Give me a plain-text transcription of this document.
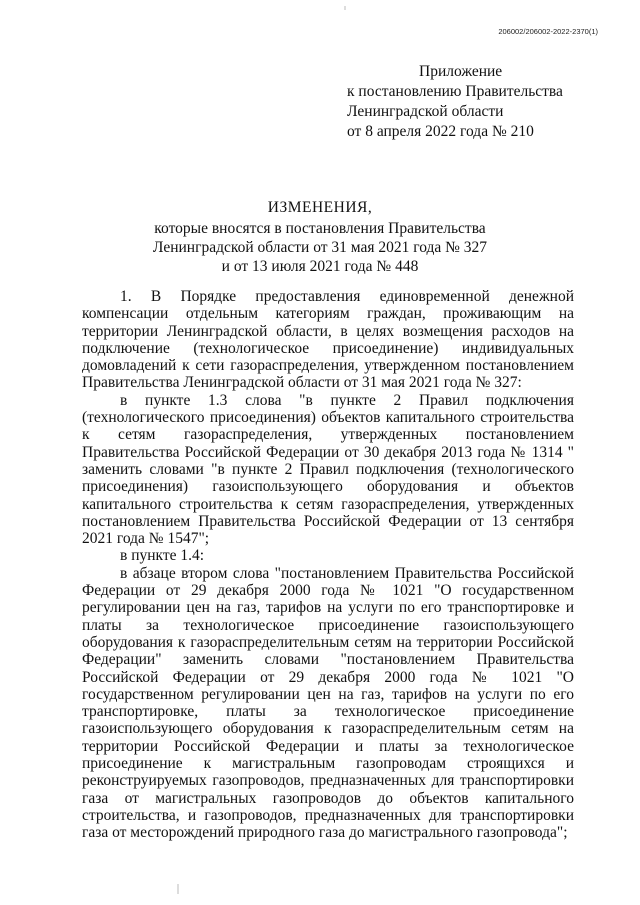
206002/206002-2022-2370(1)
Приложение
к постановлению Правительства
Ленинградской области
от 8 апреля 2022 года № 210
ИЗМЕНЕНИЯ,
которые вносятся в постановления Правительства
Ленинградской области от 31 мая 2021 года № 327
и от 13 июля 2021 года № 448

1. В Порядке предоставления единовременной денежной компенсации отдельным категориям граждан, проживающим на территории Ленинградской области, в целях возмещения расходов на подключение (технологическое присоединение) индивидуальных домовладений к сети газораспределения, утвержденном постановлением Правительства Ленинградской области от 31 мая 2021 года № 327:

в пункте 1.3 слова "в пункте 2 Правил подключения (технологического присоединения) объектов капитального строительства к сетям газораспределения, утвержденных постановлением Правительства Российской Федерации от 30 декабря 2013 года № 1314 " заменить словами "в пункте 2 Правил подключения (технологического присоединения) газоиспользующего оборудования и объектов капитального строительства к сетям газораспределения, утвержденных постановлением Правительства Российской Федерации от 13 сентября 2021 года № 1547";

в пункте 1.4:

в абзаце втором слова "постановлением Правительства Российской Федерации от 29 декабря 2000 года № 1021 "О государственном регулировании цен на газ, тарифов на услуги по его транспортировке и платы за технологическое присоединение газоиспользующего оборудования к газораспределительным сетям на территории Российской Федерации" заменить словами "постановлением Правительства Российской Федерации от 29 декабря 2000 года № 1021 "О государственном регулировании цен на газ, тарифов на услуги по его транспортировке, платы за технологическое присоединение газоиспользующего оборудования к газораспределительным сетям на территории Российской Федерации и платы за технологическое присоединение к магистральным газопроводам строящихся и реконструируемых газопроводов, предназначенных для транспортировки газа от магистральных газопроводов до объектов капитального строительства, и газопроводов, предназначенных для транспортировки газа от месторождений природного газа до магистрального газопровода";
